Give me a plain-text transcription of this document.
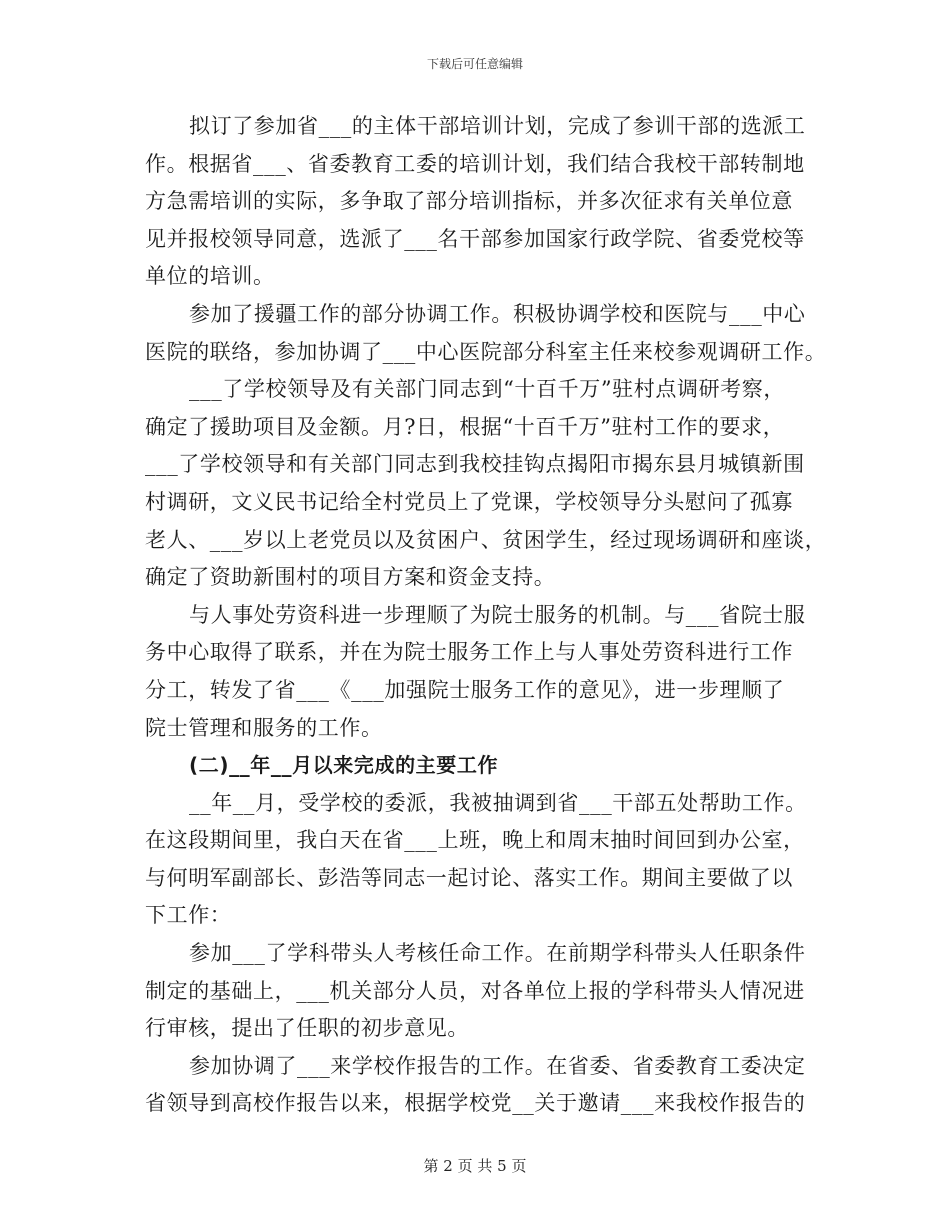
下载后可任意编辑
拟订了参加省___的主体干部培训计划，完成了参训干部的选派工
作。根据省___、省委教育工委的培训计划，我们结合我校干部转制地
方急需培训的实际，多争取了部分培训指标，并多次征求有关单位意
见并报校领导同意，选派了___名干部参加国家行政学院、省委党校等
单位的培训。
参加了援疆工作的部分协调工作。积极协调学校和医院与___中心
医院的联络，参加协调了___中心医院部分科室主任来校参观调研工作。
___了学校领导及有关部门同志到“十百千万”驻村点调研考察，
确定了援助项目及金额。月?日，根据“十百千万”驻村工作的要求，
___了学校领导和有关部门同志到我校挂钩点揭阳市揭东县月城镇新围
村调研，文义民书记给全村党员上了党课，学校领导分头慰问了孤寡
老人、___岁以上老党员以及贫困户、贫困学生，经过现场调研和座谈，
确定了资助新围村的项目方案和资金支持。
与人事处劳资科进一步理顺了为院士服务的机制。与___省院士服
务中心取得了联系，并在为院士服务工作上与人事处劳资科进行工作
分工，转发了省___《___加强院士服务工作的意见》，进一步理顺了
院士管理和服务的工作。
(二)__年__月以来完成的主要工作
__年__月，受学校的委派，我被抽调到省___干部五处帮助工作。
在这段期间里，我白天在省___上班，晚上和周末抽时间回到办公室，
与何明军副部长、彭浩等同志一起讨论、落实工作。期间主要做了以
下工作：
参加___了学科带头人考核任命工作。在前期学科带头人任职条件
制定的基础上，___机关部分人员，对各单位上报的学科带头人情况进
行审核，提出了任职的初步意见。
参加协调了___来学校作报告的工作。在省委、省委教育工委决定
省领导到高校作报告以来，根据学校党__关于邀请___来我校作报告的
第 2 页 共 5 页
